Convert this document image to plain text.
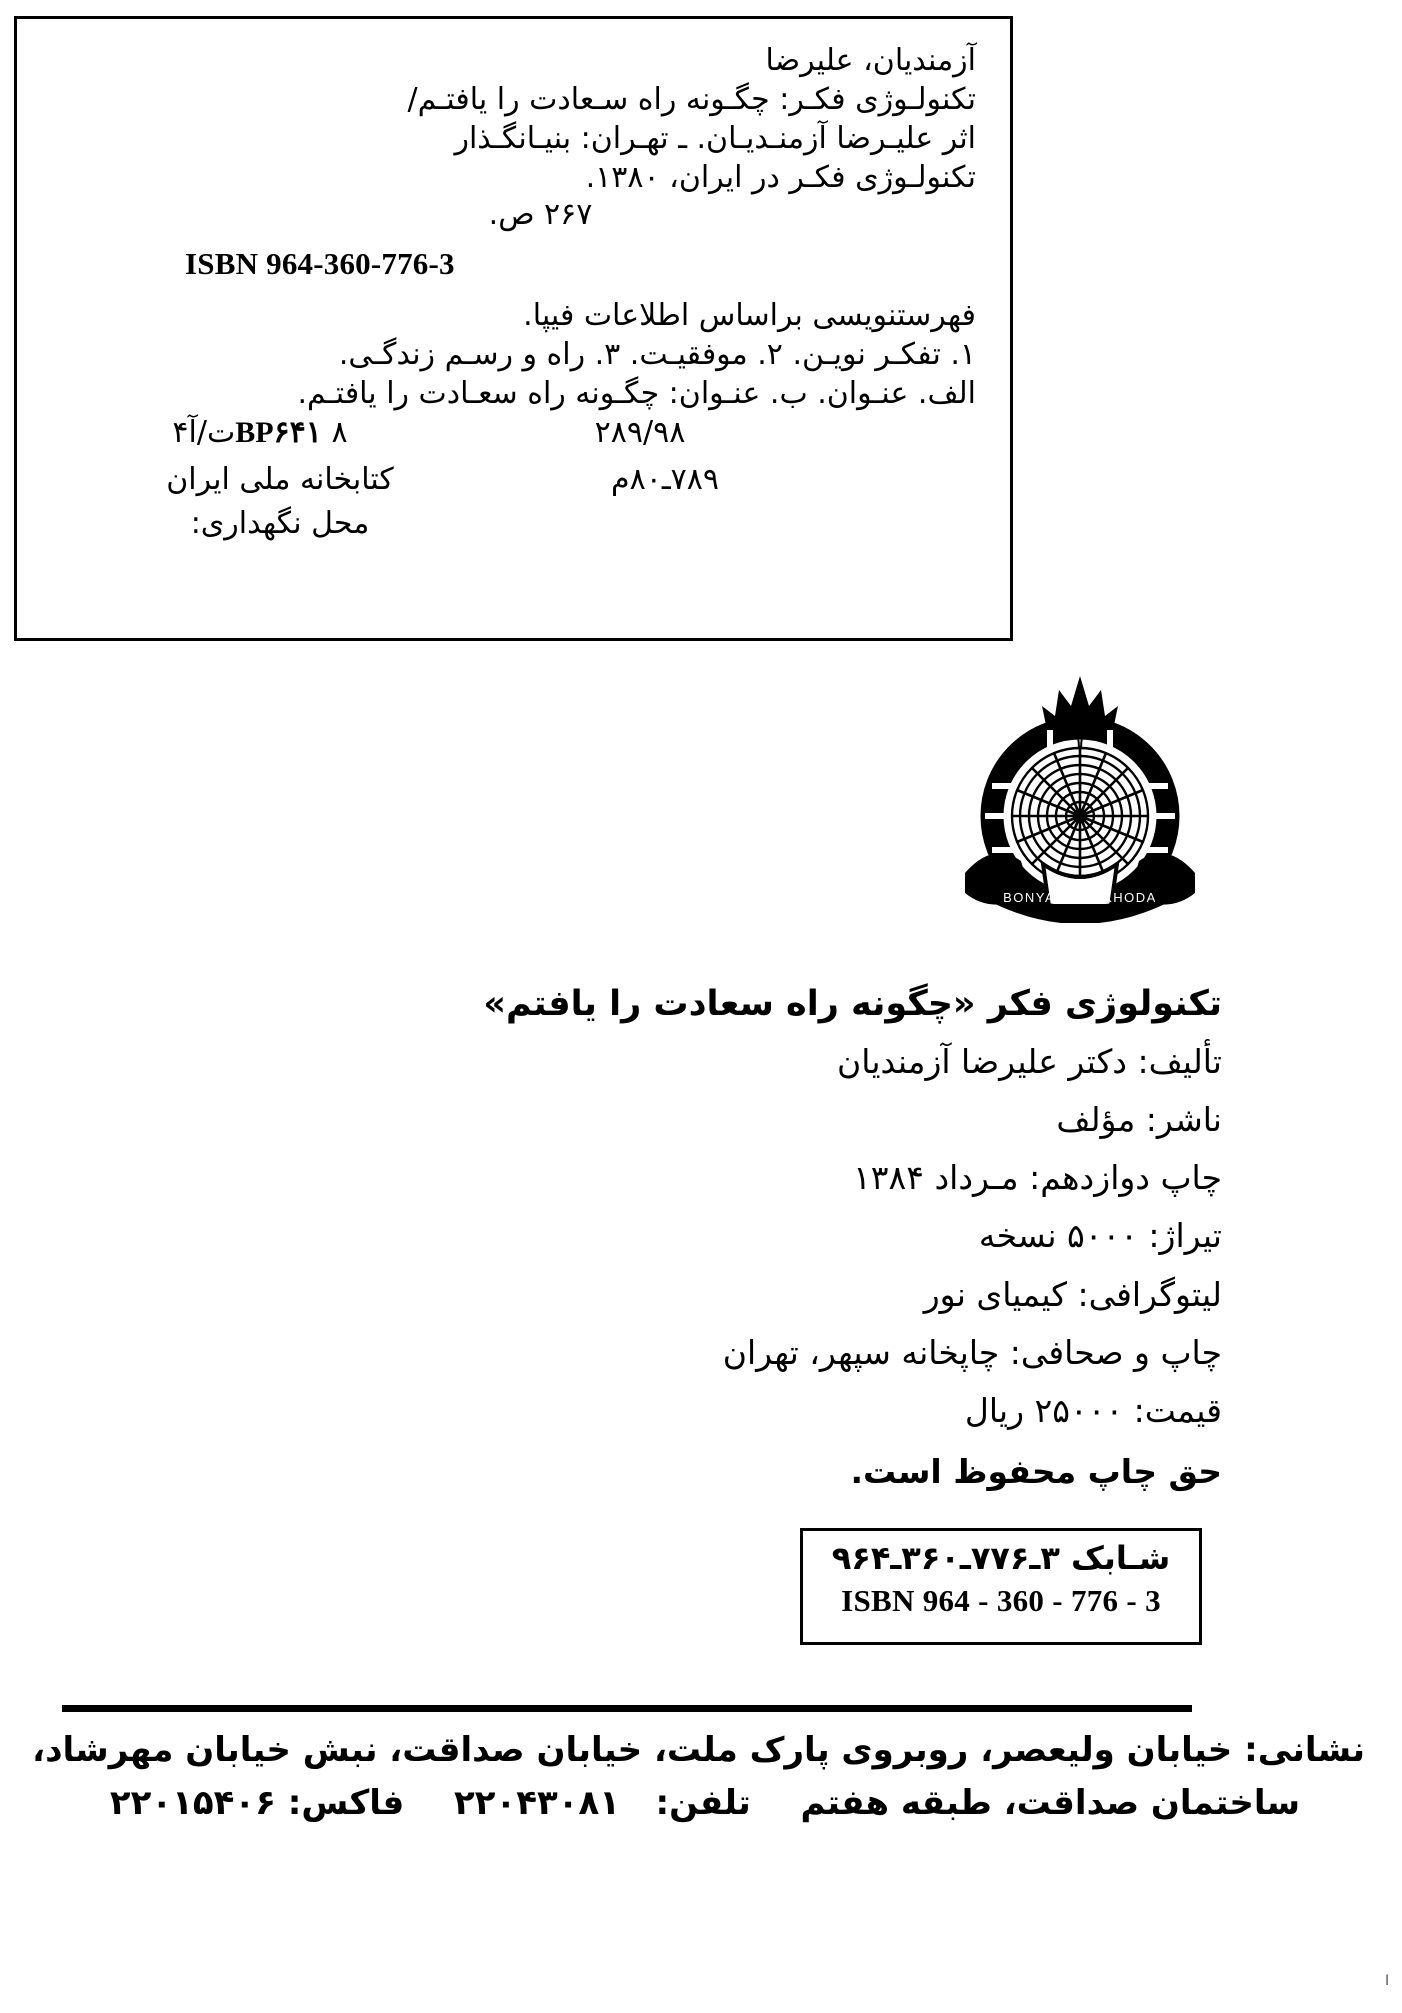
آزمندیان، علیرضا
تکنولـوژی فکـر: چگـونه راه سـعادت را یافتـم/
اثر علیـرضا آزمنـدیـان. ـ تهـران: بنیـانگـذار
تکنولـوژی فکـر در ایران، ۱۳۸۰.
۲۶۷ ص.
ISBN 964-360-776-3
فهرستنویسی براساس اطلاعات فیپا.
۱. تفکـر نویـن. ۲. موفقیـت. ۳. راه و رسـم زندگـی.
الف. عنـوان. ب. عنـوان: چگـونه راه سعـادت را یافتـم.
BP۶۴۱ ۸ت/آ۴	۲۸۹/۹۸
کتابخانه ملی ایران	۷۸۹ـ۸۰م
محل نگهداری:
BONYAD DEHKHODA
تکنولوژی فکر «چگونه راه سعادت را یافتم»
تألیف: دکتر علیرضا آزمندیان
ناشر: مؤلف
چاپ دوازدهم: مـرداد ۱۳۸۴
تیراژ: ۵۰۰۰ نسخه
لیتوگرافی: کیمیای نور
چاپ و صحافی: چاپخانه سپهر، تهران
قیمت: ۲۵۰۰۰ ریال
حق چاپ محفوظ است.
شـابک ۳ـ۷۷۶ـ۳۶۰ـ۹۶۴
ISBN 964 - 360 - 776 - 3
نشانی: خیابان ولیعصر، روبروی پارک ملت، خیابان صداقت، نبش خیابان مهرشاد،
ساختمان صداقت، طبقه هفتم  تلفن:   ۲۲۰۴۳۰۸۱  فاکس: ۲۲۰۱۵۴۰۶
ا
